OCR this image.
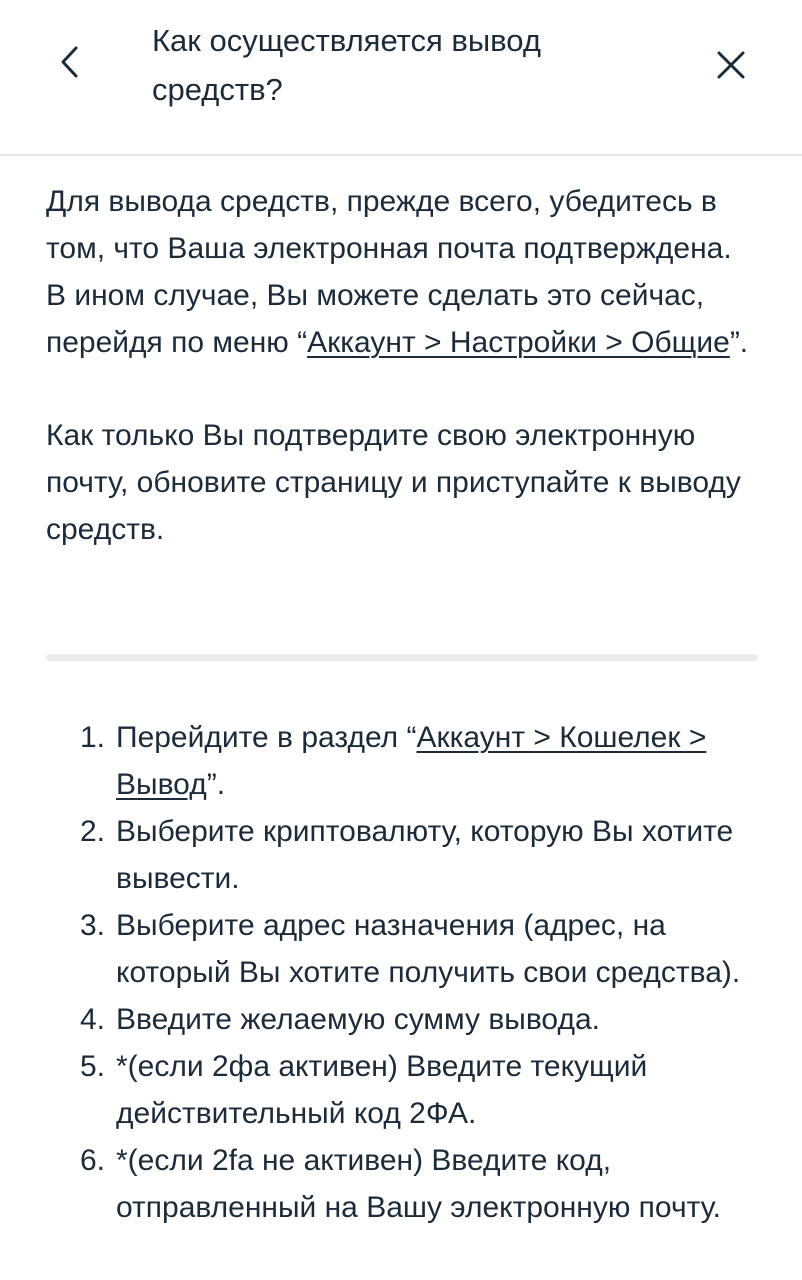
Как осуществляется вывод средств?

Для вывода средств, прежде всего, убедитесь в том, что Ваша электронная почта подтверждена. В ином случае, Вы можете сделать это сейчас, перейдя по меню “Аккаунт > Настройки > Общие”.

Как только Вы подтвердите свою электронную почту, обновите страницу и приступайте к выводу средств.

1. Перейдите в раздел “Аккаунт > Кошелек > Вывод”.
2. Выберите криптовалюту, которую Вы хотите вывести.
3. Выберите адрес назначения (адрес, на который Вы хотите получить свои средства).
4. Введите желаемую сумму вывода.
5. *(если 2фа активен) Введите текущий действительный код 2ФА.
6. *(если 2fa не активен) Введите код, отправленный на Вашу электронную почту.
